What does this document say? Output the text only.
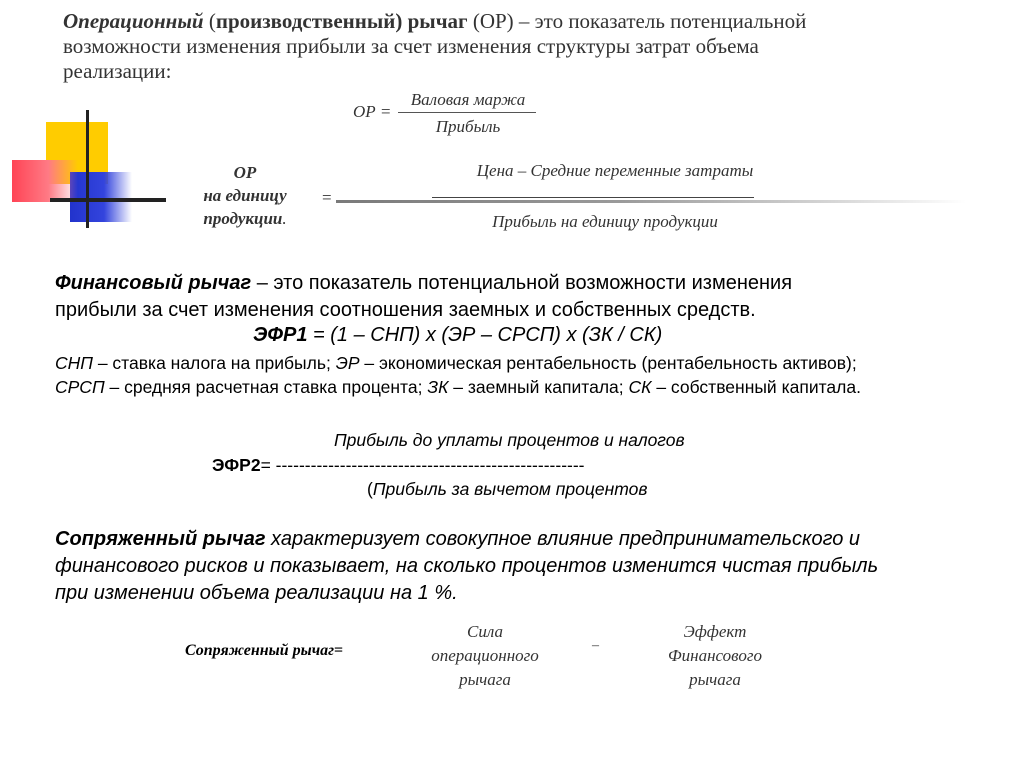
Операционный (производственный) рычаг (ОР) – это показатель потенциальной
возможности изменения прибыли за счет изменения структуры затрат объема
реализации:
ОР =
Валовая маржа
Прибыль
ОР
на единицу
продукции.
=
Цена – Средние переменные затраты
Прибыль на единицу продукции
Финансовый рычаг – это показатель потенциальной возможности изменения
прибыли за счет изменения соотношения заемных и собственных средств.
ЭФР1 = (1 – СНП) х (ЭР – СРСП) х (ЗК / СК)
СНП – ставка налога на прибыль; ЭР – экономическая рентабельность (рентабельность активов);
СРСП – средняя расчетная ставка процента; ЗК – заемный капитала; СК – собственный капитала.
Прибыль до уплаты процентов и налогов
ЭФР2= -----------------------------------------------------
(Прибыль за вычетом процентов
Сопряженный рычаг характеризует совокупное влияние предпринимательского и
финансового рисков и показывает, на сколько процентов изменится чистая прибыль
при изменении объема реализации на 1 %.
Сопряженный рычаг=
Сила
операционного
рычага
–
Эффект
Финансового
рычага
